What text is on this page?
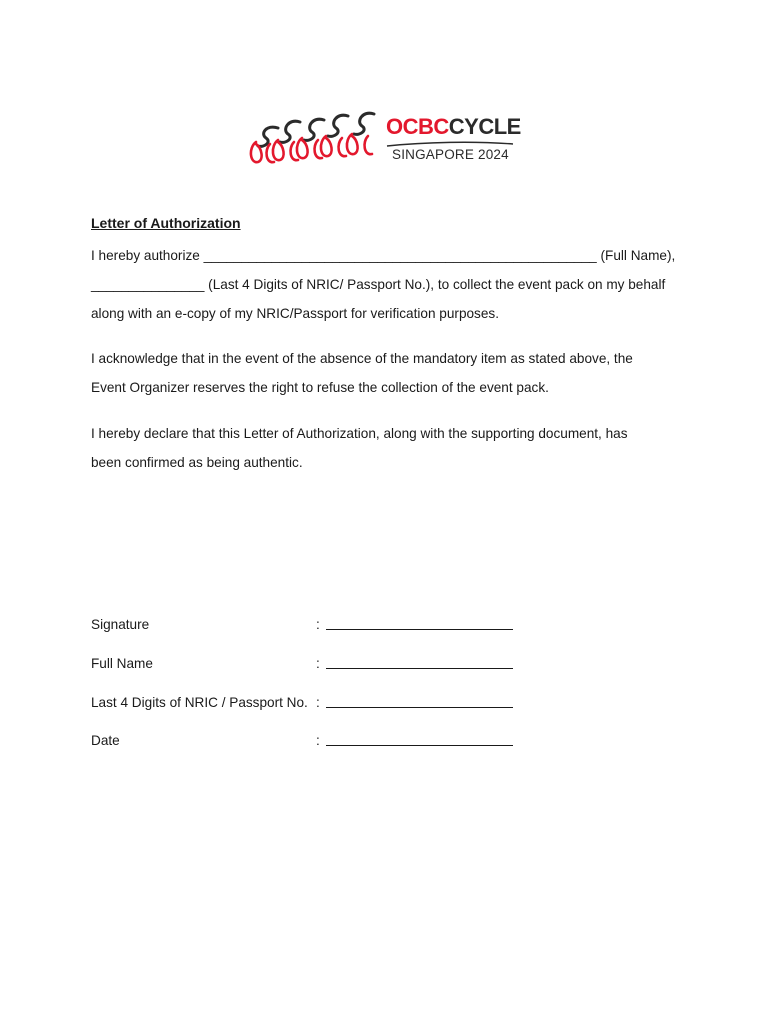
OCBCCYCLE
SINGAPORE 2024
Letter of Authorization
I hereby authorize ____________________________________________________ (Full Name),
_______________ (Last 4 Digits of NRIC/ Passport No.), to collect the event pack on my behalf
along with an e-copy of my NRIC/Passport for verification purposes.
I acknowledge that in the event of the absence of the mandatory item as stated above, the
Event Organizer reserves the right to refuse the collection of the event pack.
I hereby declare that this Letter of Authorization, along with the supporting document, has
been confirmed as being authentic.
Signature	:
Full Name	:
Last 4 Digits of NRIC / Passport No. :
Date	:
